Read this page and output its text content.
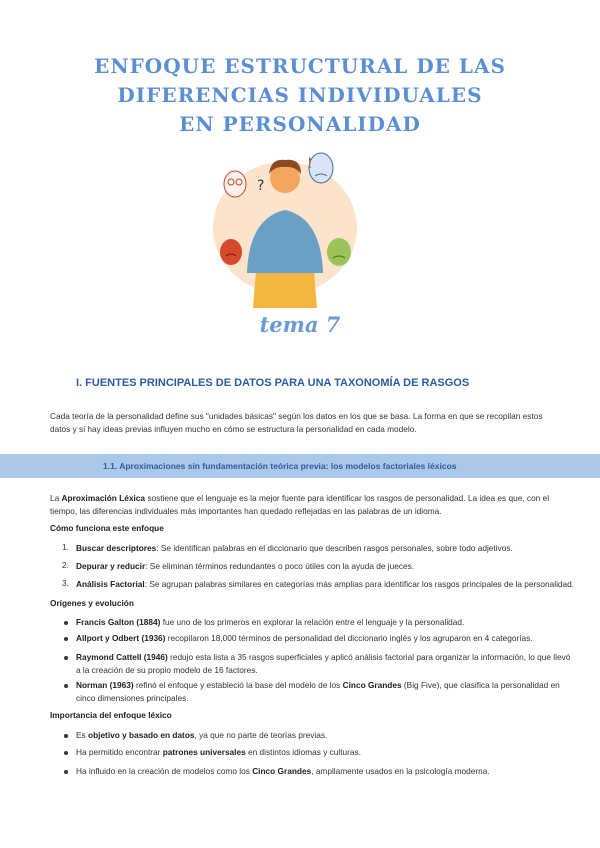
ENFOQUE ESTRUCTURAL DE LAS
DIFERENCIAS INDIVIDUALES
EN PERSONALIDAD
?
!
tema 7
I. FUENTES PRINCIPALES DE DATOS PARA UNA TAXONOMÍA DE RASGOS
Cada teoría de la personalidad define sus "unidades básicas" según los datos en los que se basa. La forma en que se recopilan estos datos y si hay ideas previas influyen mucho en cómo se estructura la personalidad en cada modelo.
1.1. Aproximaciones sin fundamentación teórica previa: los modelos factoriales léxicos
La Aproximación Léxica sostiene que el lenguaje es la mejor fuente para identificar los rasgos de personalidad. La idea es que, con el tiempo, las diferencias individuales más importantes han quedado reflejadas en las palabras de un idioma.
Cómo funciona este enfoque
1. Buscar descriptores: Se identifican palabras en el diccionario que describen rasgos personales, sobre todo adjetivos.
2. Depurar y reducir: Se eliminan términos redundantes o poco útiles con la ayuda de jueces.
3. Análisis Factorial: Se agrupan palabras similares en categorías más amplias para identificar los rasgos principales de la personalidad.
Orígenes y evolución
Francis Galton (1884) fue uno de los primeros en explorar la relación entre el lenguaje y la personalidad.
Allport y Odbert (1936) recopilaron 18,000 términos de personalidad del diccionario inglés y los agruparon en 4 categorías.
Raymond Cattell (1946) redujo esta lista a 35 rasgos superficiales y aplicó análisis factorial para organizar la información, lo que llevó a la creación de su propio modelo de 16 factores.
Norman (1963) refinó el enfoque y estableció la base del modelo de los Cinco Grandes (Big Five), que clasifica la personalidad en cinco dimensiones principales.
Importancia del enfoque léxico
Es objetivo y basado en datos, ya que no parte de teorías previas.
Ha permitido encontrar patrones universales en distintos idiomas y culturas.
Ha influido en la creación de modelos como los Cinco Grandes, ampliamente usados en la psicología moderna.
